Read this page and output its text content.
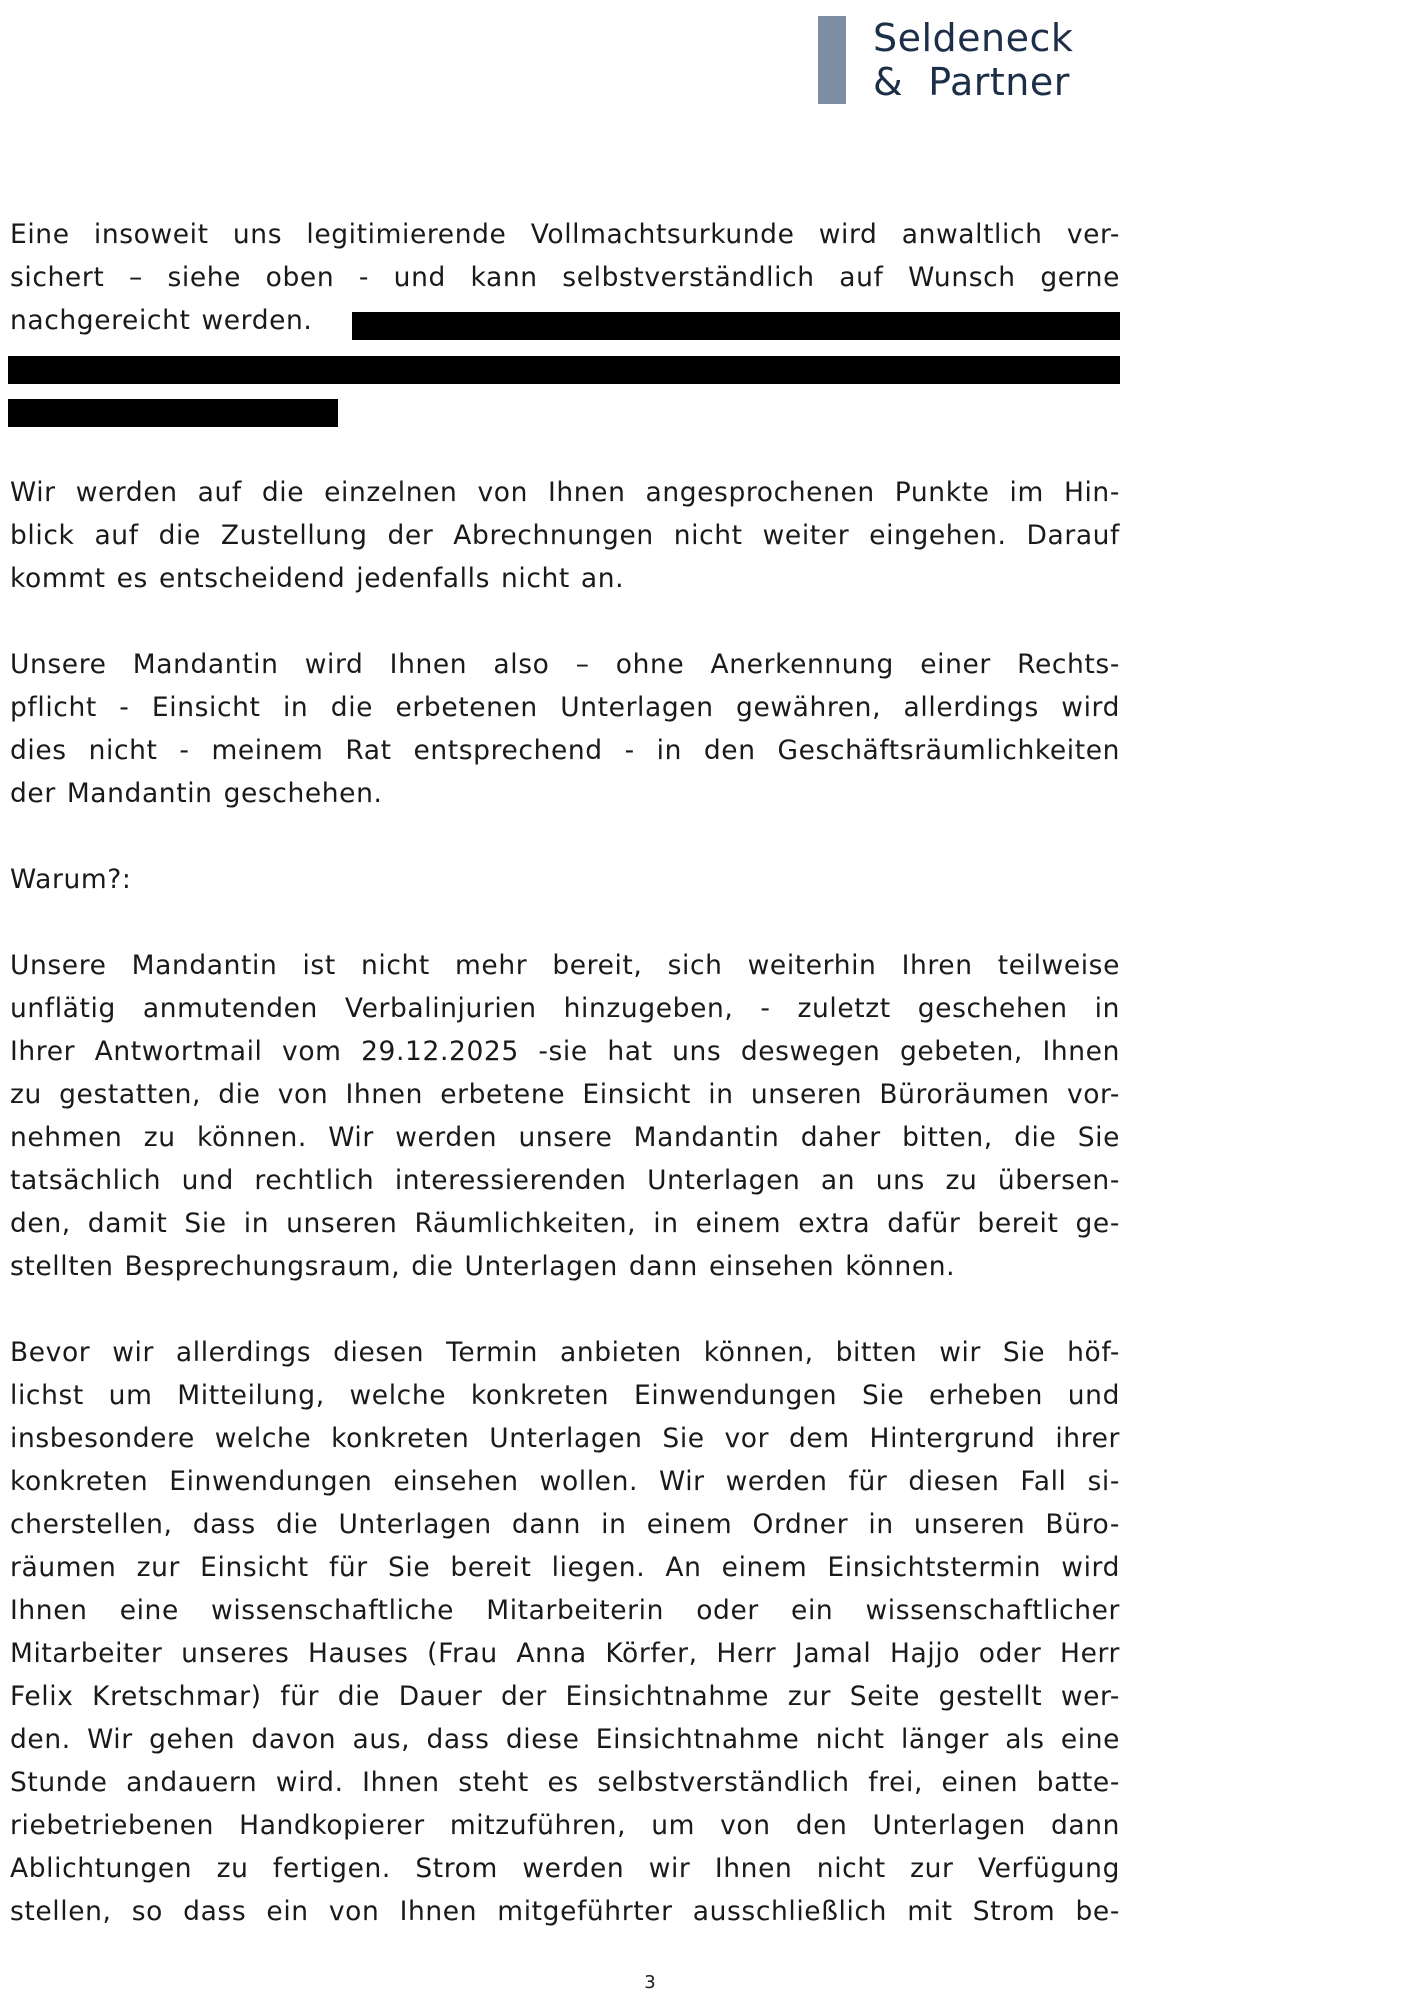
Seldeneck
&  Partner
Eine insoweit uns legitimierende Vollmachtsurkunde wird anwaltlich ver-
sichert – siehe oben - und kann selbstverständlich auf Wunsch gerne
nachgereicht werden.
Wir werden auf die einzelnen von Ihnen angesprochenen Punkte im Hin-
blick auf die Zustellung der Abrechnungen nicht weiter eingehen. Darauf
kommt es entscheidend jedenfalls nicht an.
Unsere Mandantin wird Ihnen also – ohne Anerkennung einer Rechts-
pflicht - Einsicht in die erbetenen Unterlagen gewähren, allerdings wird
dies nicht - meinem Rat entsprechend - in den Geschäftsräumlichkeiten
der Mandantin geschehen.
Warum?:
Unsere Mandantin ist nicht mehr bereit, sich weiterhin Ihren teilweise
unflätig anmutenden Verbalinjurien hinzugeben, - zuletzt geschehen in
Ihrer Antwortmail vom 29.12.2025 -sie hat uns deswegen gebeten, Ihnen
zu gestatten, die von Ihnen erbetene Einsicht in unseren Büroräumen vor-
nehmen zu können. Wir werden unsere Mandantin daher bitten, die Sie
tatsächlich und rechtlich interessierenden Unterlagen an uns zu übersen-
den, damit Sie in unseren Räumlichkeiten, in einem extra dafür bereit ge-
stellten Besprechungsraum, die Unterlagen dann einsehen können.
Bevor wir allerdings diesen Termin anbieten können, bitten wir Sie höf-
lichst um Mitteilung, welche konkreten Einwendungen Sie erheben und
insbesondere welche konkreten Unterlagen Sie vor dem Hintergrund ihrer
konkreten Einwendungen einsehen wollen. Wir werden für diesen Fall si-
cherstellen, dass die Unterlagen dann in einem Ordner in unseren Büro-
räumen zur Einsicht für Sie bereit liegen. An einem Einsichtstermin wird
Ihnen eine wissenschaftliche Mitarbeiterin oder ein wissenschaftlicher
Mitarbeiter unseres Hauses (Frau Anna Körfer, Herr Jamal Hajjo oder Herr
Felix Kretschmar) für die Dauer der Einsichtnahme zur Seite gestellt wer-
den. Wir gehen davon aus, dass diese Einsichtnahme nicht länger als eine
Stunde andauern wird. Ihnen steht es selbstverständlich frei, einen batte-
riebetriebenen Handkopierer mitzuführen, um von den Unterlagen dann
Ablichtungen zu fertigen. Strom werden wir Ihnen nicht zur Verfügung
stellen, so dass ein von Ihnen mitgeführter ausschließlich mit Strom be-
3
